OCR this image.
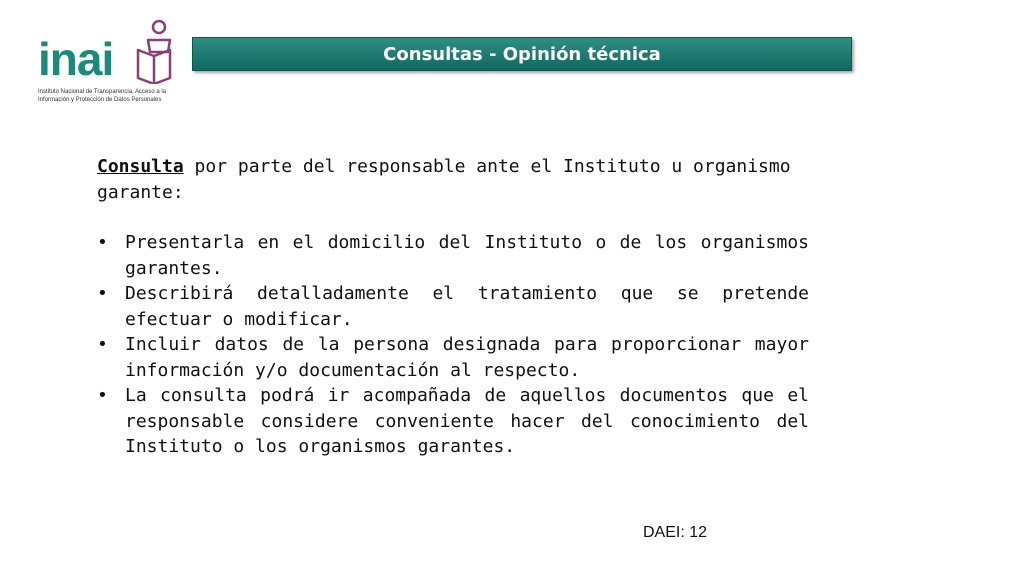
inai
Instituto Nacional de Transparencia, Acceso a la Información y Protección de Datos Personales
Consultas - Opinión técnica

Consulta por parte del responsable ante el Instituto u organismo garante:

• Presentarla en el domicilio del Instituto o de los organismos garantes.
• Describirá detalladamente el tratamiento que se pretende efectuar o modificar.
• Incluir datos de la persona designada para proporcionar mayor información y/o documentación al respecto.
• La consulta podrá ir acompañada de aquellos documentos que el responsable considere conveniente hacer del conocimiento del Instituto o los organismos garantes.
DAEI: 12
